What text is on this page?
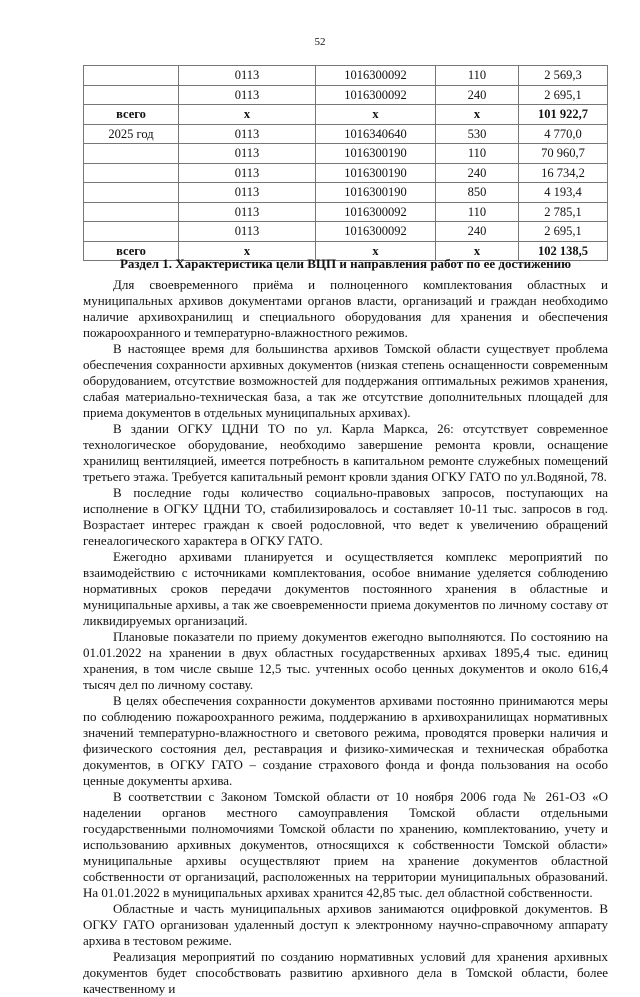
52
	0113	1016300092	110	2 569,3
	0113	1016300092	240	2 695,1
всего	x	x	x	101 922,7
2025 год	0113	1016340640	530	4 770,0
	0113	1016300190	110	70 960,7
	0113	1016300190	240	16 734,2
	0113	1016300190	850	4 193,4
	0113	1016300092	110	2 785,1
	0113	1016300092	240	2 695,1
всего	x	x	x	102 138,5
Раздел 1. Характеристика цели ВЦП и направления работ по ее достижению

Для своевременного приёма и полноценного комплектования областных и муниципальных архивов документами органов власти, организаций и граждан необходимо наличие архивохранилищ и специального оборудования для хранения и обеспечения пожароохранного и температурно-влажностного режимов.

В настоящее время для большинства архивов Томской области существует проблема обеспечения сохранности архивных документов (низкая степень оснащенности современным оборудованием, отсутствие возможностей для поддержания оптимальных режимов хранения, слабая материально-техническая база, а так же отсутствие дополнительных площадей для приема документов в отдельных муниципальных архивах).

В здании ОГКУ ЦДНИ ТО по ул. Карла Маркса, 26: отсутствует современное технологическое оборудование, необходимо завершение ремонта кровли, оснащение хранилищ вентиляцией, имеется потребность в капитальном ремонте служебных помещений третьего этажа. Требуется капитальный ремонт кровли здания ОГКУ ГАТО по ул.Водяной, 78.

В последние годы количество социально-правовых запросов, поступающих на исполнение в ОГКУ ЦДНИ ТО, стабилизировалось и составляет 10-11 тыс. запросов в год. Возрастает интерес граждан к своей родословной, что ведет к увеличению обращений генеалогического характера в ОГКУ ГАТО.

Ежегодно архивами планируется и осуществляется комплекс мероприятий по взаимодействию с источниками комплектования, особое внимание уделяется соблюдению нормативных сроков передачи документов постоянного хранения в областные и муниципальные архивы, а так же своевременности приема документов по личному составу от ликвидируемых организаций.

Плановые показатели по приему документов ежегодно выполняются. По состоянию на 01.01.2022 на хранении в двух областных государственных архивах 1895,4 тыс. единиц хранения, в том числе свыше 12,5 тыс. учтенных особо ценных документов и около 616,4 тысяч дел по личному составу.

В целях обеспечения сохранности документов архивами постоянно принимаются меры по соблюдению пожароохранного режима, поддержанию в архивохранилищах нормативных значений температурно-влажностного и светового режима, проводятся проверки наличия и физического состояния дел, реставрация и физико-химическая и техническая обработка документов, в ОГКУ ГАТО – создание страхового фонда и фонда пользования на особо ценные документы архива.

В соответствии с Законом Томской области от 10 ноября 2006 года № 261-ОЗ «О наделении органов местного самоуправления Томской области отдельными государственными полномочиями Томской области по хранению, комплектованию, учету и использованию архивных документов, относящихся к собственности Томской области» муниципальные архивы осуществляют прием на хранение документов областной собственности от организаций, расположенных на территории муниципальных образований. На 01.01.2022 в муниципальных архивах хранится 42,85 тыс. дел областной собственности.

Областные и часть муниципальных архивов занимаются оцифровкой документов. В ОГКУ ГАТО организован удаленный доступ к электронному научно-справочному аппарату архива в тестовом режиме.

Реализация мероприятий по созданию нормативных условий для хранения архивных документов будет способствовать развитию архивного дела в Томской области, более качественному и
